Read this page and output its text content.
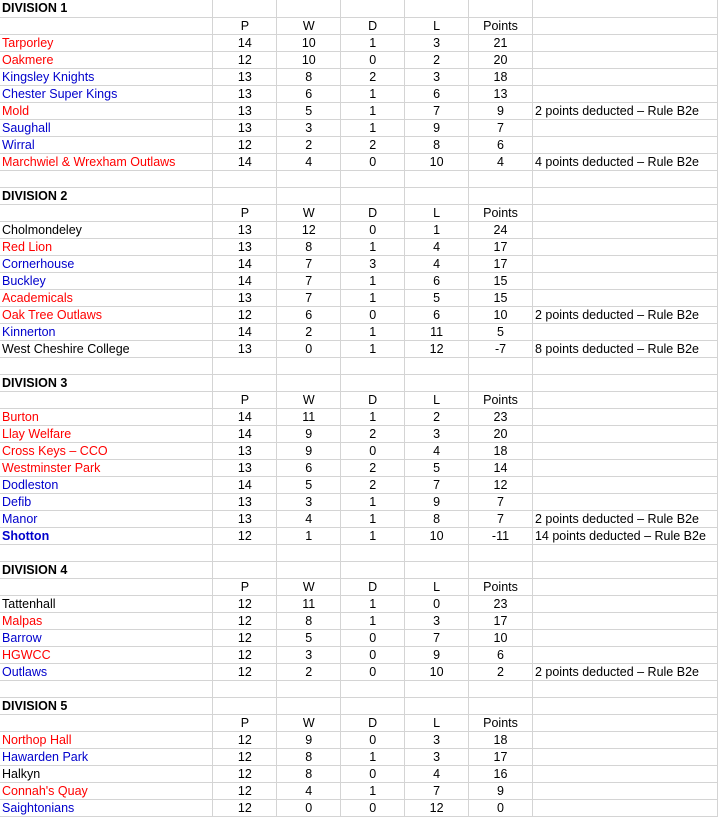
DIVISION 1						
	P	W	D	L	Points	
Tarporley	14	10	1	3	21	
Oakmere	12	10	0	2	20	
Kingsley Knights	13	8	2	3	18	
Chester Super Kings	13	6	1	6	13	
Mold	13	5	1	7	9	2 points deducted – Rule B2e
Saughall	13	3	1	9	7	
Wirral	12	2	2	8	6	
Marchwiel & Wrexham Outlaws	14	4	0	10	4	4 points deducted – Rule B2e

DIVISION 2						
	P	W	D	L	Points	
Cholmondeley	13	12	0	1	24	
Red Lion	13	8	1	4	17	
Cornerhouse	14	7	3	4	17	
Buckley	14	7	1	6	15	
Academicals	13	7	1	5	15	
Oak Tree Outlaws	12	6	0	6	10	2 points deducted – Rule B2e
Kinnerton	14	2	1	11	5	
West Cheshire College	13	0	1	12	-7	8 points deducted – Rule B2e

DIVISION 3						
	P	W	D	L	Points	
Burton	14	11	1	2	23	
Llay Welfare	14	9	2	3	20	
Cross Keys – CCO	13	9	0	4	18	
Westminster Park	13	6	2	5	14	
Dodleston	14	5	2	7	12	
Defib	13	3	1	9	7	
Manor	13	4	1	8	7	2 points deducted – Rule B2e
Shotton	12	1	1	10	-11	14 points deducted – Rule B2e

DIVISION 4						
	P	W	D	L	Points	
Tattenhall	12	11	1	0	23	
Malpas	12	8	1	3	17	
Barrow	12	5	0	7	10	
HGWCC	12	3	0	9	6	
Outlaws	12	2	0	10	2	2 points deducted – Rule B2e

DIVISION 5						
	P	W	D	L	Points	
Northop Hall	12	9	0	3	18	
Hawarden Park	12	8	1	3	17	
Halkyn	12	8	0	4	16	
Connah's Quay	12	4	1	7	9	
Saightonians	12	0	0	12	0	
